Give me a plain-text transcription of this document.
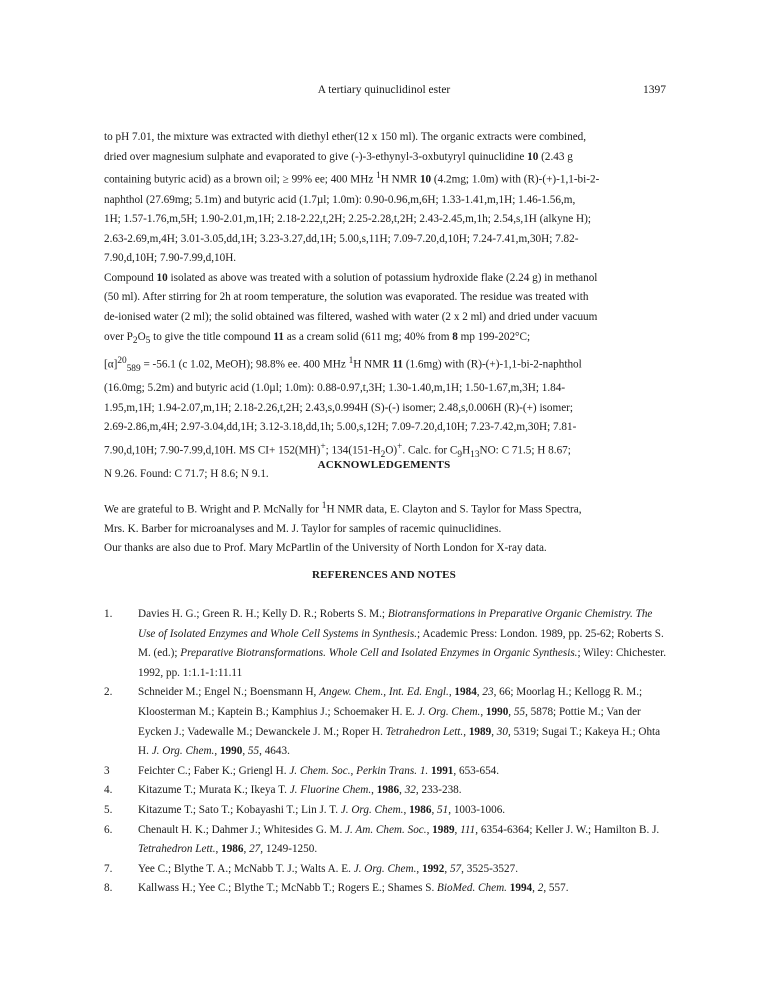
A tertiary quinuclidinol ester	1397

to pH 7.01, the mixture was extracted with diethyl ether(12 x 150 ml). The organic extracts were combined,
dried over magnesium sulphate and evaporated to give (-)-3-ethynyl-3-oxbutyryl quinuclidine 10 (2.43 g
containing butyric acid) as a brown oil; ≥ 99% ee; 400 MHz $^1$H NMR 10 (4.2mg; 1.0m) with (R)-(+)-1,1-bi-2-
naphthol (27.69mg; 5.1m) and butyric acid (1.7µl; 1.0m): 0.90-0.96,m,6H; 1.33-1.41,m,1H; 1.46-1.56,m,
1H; 1.57-1.76,m,5H; 1.90-2.01,m,1H; 2.18-2.22,t,2H; 2.25-2.28,t,2H; 2.43-2.45,m,1h; 2.54,s,1H (alkyne H);
2.63-2.69,m,4H; 3.01-3.05,dd,1H; 3.23-3.27,dd,1H; 5.00,s,11H; 7.09-7.20,d,10H; 7.24-7.41,m,30H; 7.82-
7.90,d,10H; 7.90-7.99,d,10H.

Compound 10 isolated as above was treated with a solution of potassium hydroxide flake (2.24 g) in methanol
(50 ml). After stirring for 2h at room temperature, the solution was evaporated. The residue was treated with
de-ionised water (2 ml); the solid obtained was filtered, washed with water (2 x 2 ml) and dried under vacuum
over $P_2O_5$ to give the title compound 11 as a cream solid (611 mg; 40% from 8 mp 199-202°C;
$[\alpha]^{20}_{589} = -56.1$ (c 1.02, MeOH); 98.8% ee. 400 MHz $^1$H NMR 11 (1.6mg) with (R)-(+)-1,1-bi-2-naphthol
(16.0mg; 5.2m) and butyric acid (1.0µl; 1.0m): 0.88-0.97,t,3H; 1.30-1.40,m,1H; 1.50-1.67,m,3H; 1.84-
1.95,m,1H; 1.94-2.07,m,1H; 2.18-2.26,t,2H; 2.43,s,0.994H (S)-(-) isomer; 2.48,s,0.006H (R)-(+) isomer;
2.69-2.86,m,4H; 2.97-3.04,dd,1H; 3.12-3.18,dd,1h; 5.00,s,12H; 7.09-7.20,d,10H; 7.23-7.42,m,30H; 7.81-
7.90,d,10H; 7.90-7.99,d,10H. MS CI+ 152(MH)+; $134(151-H_2O)^+$. Calc. for $C_9H_{13}NO$: C 71.5; H 8.67;
N 9.26. Found: C 71.7; H 8.6; N 9.1.

ACKNOWLEDGEMENTS

We are grateful to B. Wright and P. McNally for $^1$H NMR data, E. Clayton and S. Taylor for Mass Spectra,
Mrs. K. Barber for microanalyses and M. J. Taylor for samples of racemic quinuclidines.
Our thanks are also due to Prof. Mary McPartlin of the University of North London for X-ray data.

REFERENCES AND NOTES
1.	Davies H. G.; Green R. H.; Kelly D. R.; Roberts S. M.; Biotransformations in Preparative Organic Chemistry. The Use of Isolated Enzymes and Whole Cell Systems in Synthesis.; Academic Press: London. 1989, pp. 25-62; Roberts S. M. (ed.); Preparative Biotransformations. Whole Cell and Isolated Enzymes in Organic Synthesis.; Wiley: Chichester. 1992, pp. 1:1.1-1:11.11
2.	Schneider M.; Engel N.; Boensmann H, Angew. Chem., Int. Ed. Engl., 1984, 23, 66; Moorlag H.; Kellogg R. M.; Kloosterman M.; Kaptein B.; Kamphius J.; Schoemaker H. E. J. Org. Chem., 1990, 55, 5878; Pottie M.; Van der Eycken J.; Vadewalle M.; Dewanckele J. M.; Roper H. Tetrahedron Lett., 1989, 30, 5319; Sugai T.; Kakeya H.; Ohta H. J. Org. Chem., 1990, 55, 4643.
3	Feichter C.; Faber K.; Griengl H. J. Chem. Soc., Perkin Trans. 1. 1991, 653-654.
4.	Kitazume T.; Murata K.; Ikeya T. J. Fluorine Chem., 1986, 32, 233-238.
5.	Kitazume T.; Sato T.; Kobayashi T.; Lin J. T. J. Org. Chem., 1986, 51, 1003-1006.
6.	Chenault H. K.; Dahmer J.; Whitesides G. M. J. Am. Chem. Soc., 1989, 111, 6354-6364; Keller J. W.; Hamilton B. J. Tetrahedron Lett., 1986, 27, 1249-1250.
7.	Yee C.; Blythe T. A.; McNabb T. J.; Walts A. E. J. Org. Chem., 1992, 57, 3525-3527.
8.	Kallwass H.; Yee C.; Blythe T.; McNabb T.; Rogers E.; Shames S. BioMed. Chem. 1994, 2, 557.
